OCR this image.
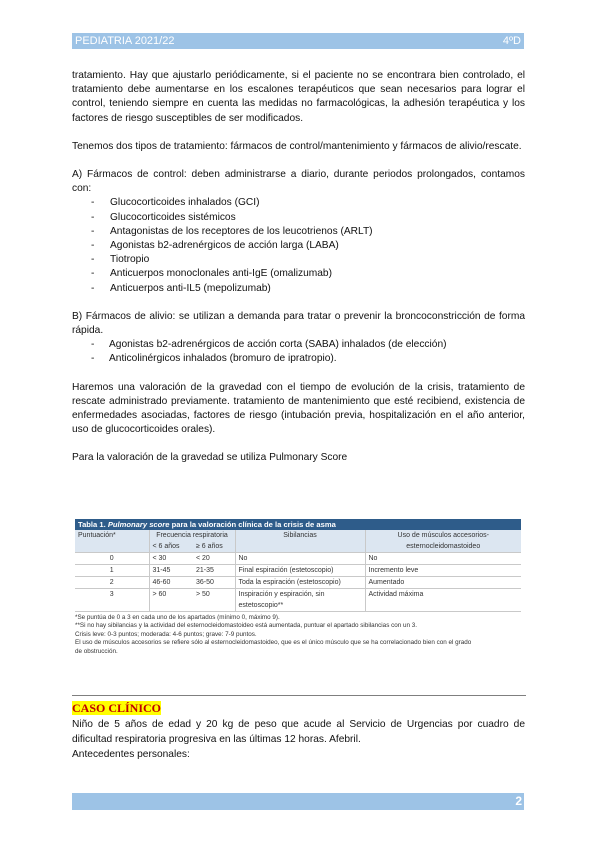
PEDIATRIA 2021/22	4ºD

tratamiento. Hay que ajustarlo periódicamente, si el paciente no se encontrara bien controlado, el tratamiento debe aumentarse en los escalones terapéuticos que sean necesarios para lograr el control, teniendo siempre en cuenta las medidas no farmacológicas, la adhesión terapéutica y los factores de riesgo susceptibles de ser modificados.

Tenemos dos tipos de tratamiento: fármacos de control/mantenimiento y fármacos de alivio/rescate.

A) Fármacos de control: deben administrarse a diario, durante periodos prolongados, contamos con:

- Glucocorticoides inhalados (GCI)
- Glucocorticoides sistémicos
- Antagonistas de los receptores de los leucotrienos (ARLT)
- Agonistas b2-adrenérgicos de acción larga (LABA)
- Tiotropio
- Anticuerpos monoclonales anti-IgE (omalizumab)
- Anticuerpos anti-IL5 (mepolizumab)

B) Fármacos de alivio: se utilizan a demanda para tratar o prevenir la broncoconstricción de forma rápida.

- Agonistas b2-adrenérgicos de acción corta (SABA) inhalados (de elección)
- Anticolinérgicos inhalados (bromuro de ipratropio).

Haremos una valoración de la gravedad con el tiempo de evolución de la crisis, tratamiento de rescate administrado previamente. tratamiento de mantenimiento que esté recibiend, existencia de enfermedades asociadas, factores de riesgo (intubación previa, hospitalización en el año anterior, uso de glucocorticoides orales).

Para la valoración de la gravedad se utiliza Pulmonary Score

Tabla 1. Pulmonary score para la valoración clínica de la crisis de asma
Puntuación*	Frecuencia respiratoria		Sibilancias	Uso de músculos accesorios-
	< 6 años	≥ 6 años		esternocleidomastoideo
0	< 30	< 20	No	No
1	31-45	21-35	Final espiración (estetoscopio)	Incremento leve
2	46-60	36-50	Toda la espiración (estetoscopio)	Aumentado
3	> 60	> 50	Inspiración y espiración, sin	Actividad máxima
			estetoscopio**	
*Se puntúa de 0 a 3 en cada uno de los apartados (mínimo 0, máximo 9).
**Si no hay sibilancias y la actividad del esternocleidomastoideo está aumentada, puntuar el apartado sibilancias con un 3.
Crisis leve: 0-3 puntos; moderada: 4-6 puntos; grave: 7-9 puntos.
El uso de músculos accesorios se refiere sólo al esternocleidomastoideo, que es el único músculo que se ha correlacionado bien con el grado
de obstrucción.
CASO CLÍNICO

Niño de 5 años de edad y 20 kg de peso que acude al Servicio de Urgencias por cuadro de dificultad respiratoria progresiva en las últimas 12 horas. Afebril.

Antecedentes personales:

2
